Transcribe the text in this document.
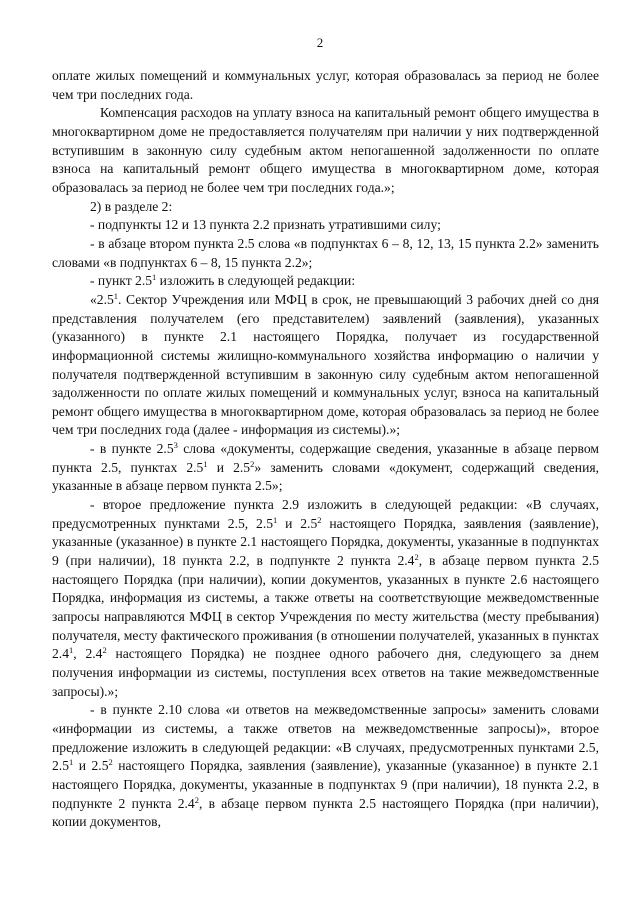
2

оплате жилых помещений и коммунальных услуг, которая образовалась за период не более чем три последних года.

Компенсация расходов на уплату взноса на капитальный ремонт общего имущества в многоквартирном доме не предоставляется получателям при наличии у них подтвержденной вступившим в законную силу судебным актом непогашенной задолженности по оплате взноса на капитальный ремонт общего имущества в многоквартирном доме, которая образовалась за период не более чем три последних года.»;

2) в разделе 2:

- подпункты 12 и 13 пункта 2.2 признать утратившими силу;

- в абзаце втором пункта 2.5 слова «в подпунктах 6 – 8, 12, 13, 15 пункта 2.2» заменить словами «в подпунктах 6 – 8, 15 пункта 2.2»;

- пункт $2.5^1$ изложить в следующей редакции:

«$2.5^1$. Сектор Учреждения или МФЦ в срок, не превышающий 3 рабочих дней со дня представления получателем (его представителем) заявлений (заявления), указанных (указанного) в пункте 2.1 настоящего Порядка, получает из государственной информационной системы жилищно-коммунального хозяйства информацию о наличии у получателя подтвержденной вступившим в законную силу судебным актом непогашенной задолженности по оплате жилых помещений и коммунальных услуг, взноса на капитальный ремонт общего имущества в многоквартирном доме, которая образовалась за период не более чем три последних года (далее - информация из системы).»;

- в пункте $2.5^3$ слова «документы, содержащие сведения, указанные в абзаце первом пункта 2.5, пунктах $2.5^1$ и $2.5^2$» заменить словами «документ, содержащий сведения, указанные в абзаце первом пункта 2.5»;

- второе предложение пункта 2.9 изложить в следующей редакции: «В случаях, предусмотренных пунктами 2.5, $2.5^1$ и $2.5^2$ настоящего Порядка, заявления (заявление), указанные (указанное) в пункте 2.1 настоящего Порядка, документы, указанные в подпунктах 9 (при наличии), 18 пункта 2.2, в подпункте 2 пункта $2.4^2$, в абзаце первом пункта 2.5 настоящего Порядка (при наличии), копии документов, указанных в пункте 2.6 настоящего Порядка, информация из системы, а также ответы на соответствующие межведомственные запросы направляются МФЦ в сектор Учреждения по месту жительства (месту пребывания) получателя, месту фактического проживания (в отношении получателей, указанных в пунктах $2.4^1$, $2.4^2$ настоящего Порядка) не позднее одного рабочего дня, следующего за днем получения информации из системы, поступления всех ответов на такие межведомственные запросы).»;

- в пункте 2.10 слова «и ответов на межведомственные запросы» заменить словами «информации из системы, а также ответов на межведомственные запросы)», второе предложение изложить в следующей редакции: «В случаях, предусмотренных пунктами 2.5, $2.5^1$ и $2.5^2$ настоящего Порядка, заявления (заявление), указанные (указанное) в пункте 2.1 настоящего Порядка, документы, указанные в подпунктах 9 (при наличии), 18 пункта 2.2, в подпункте 2 пункта $2.4^2$, в абзаце первом пункта 2.5 настоящего Порядка (при наличии), копии документов,
